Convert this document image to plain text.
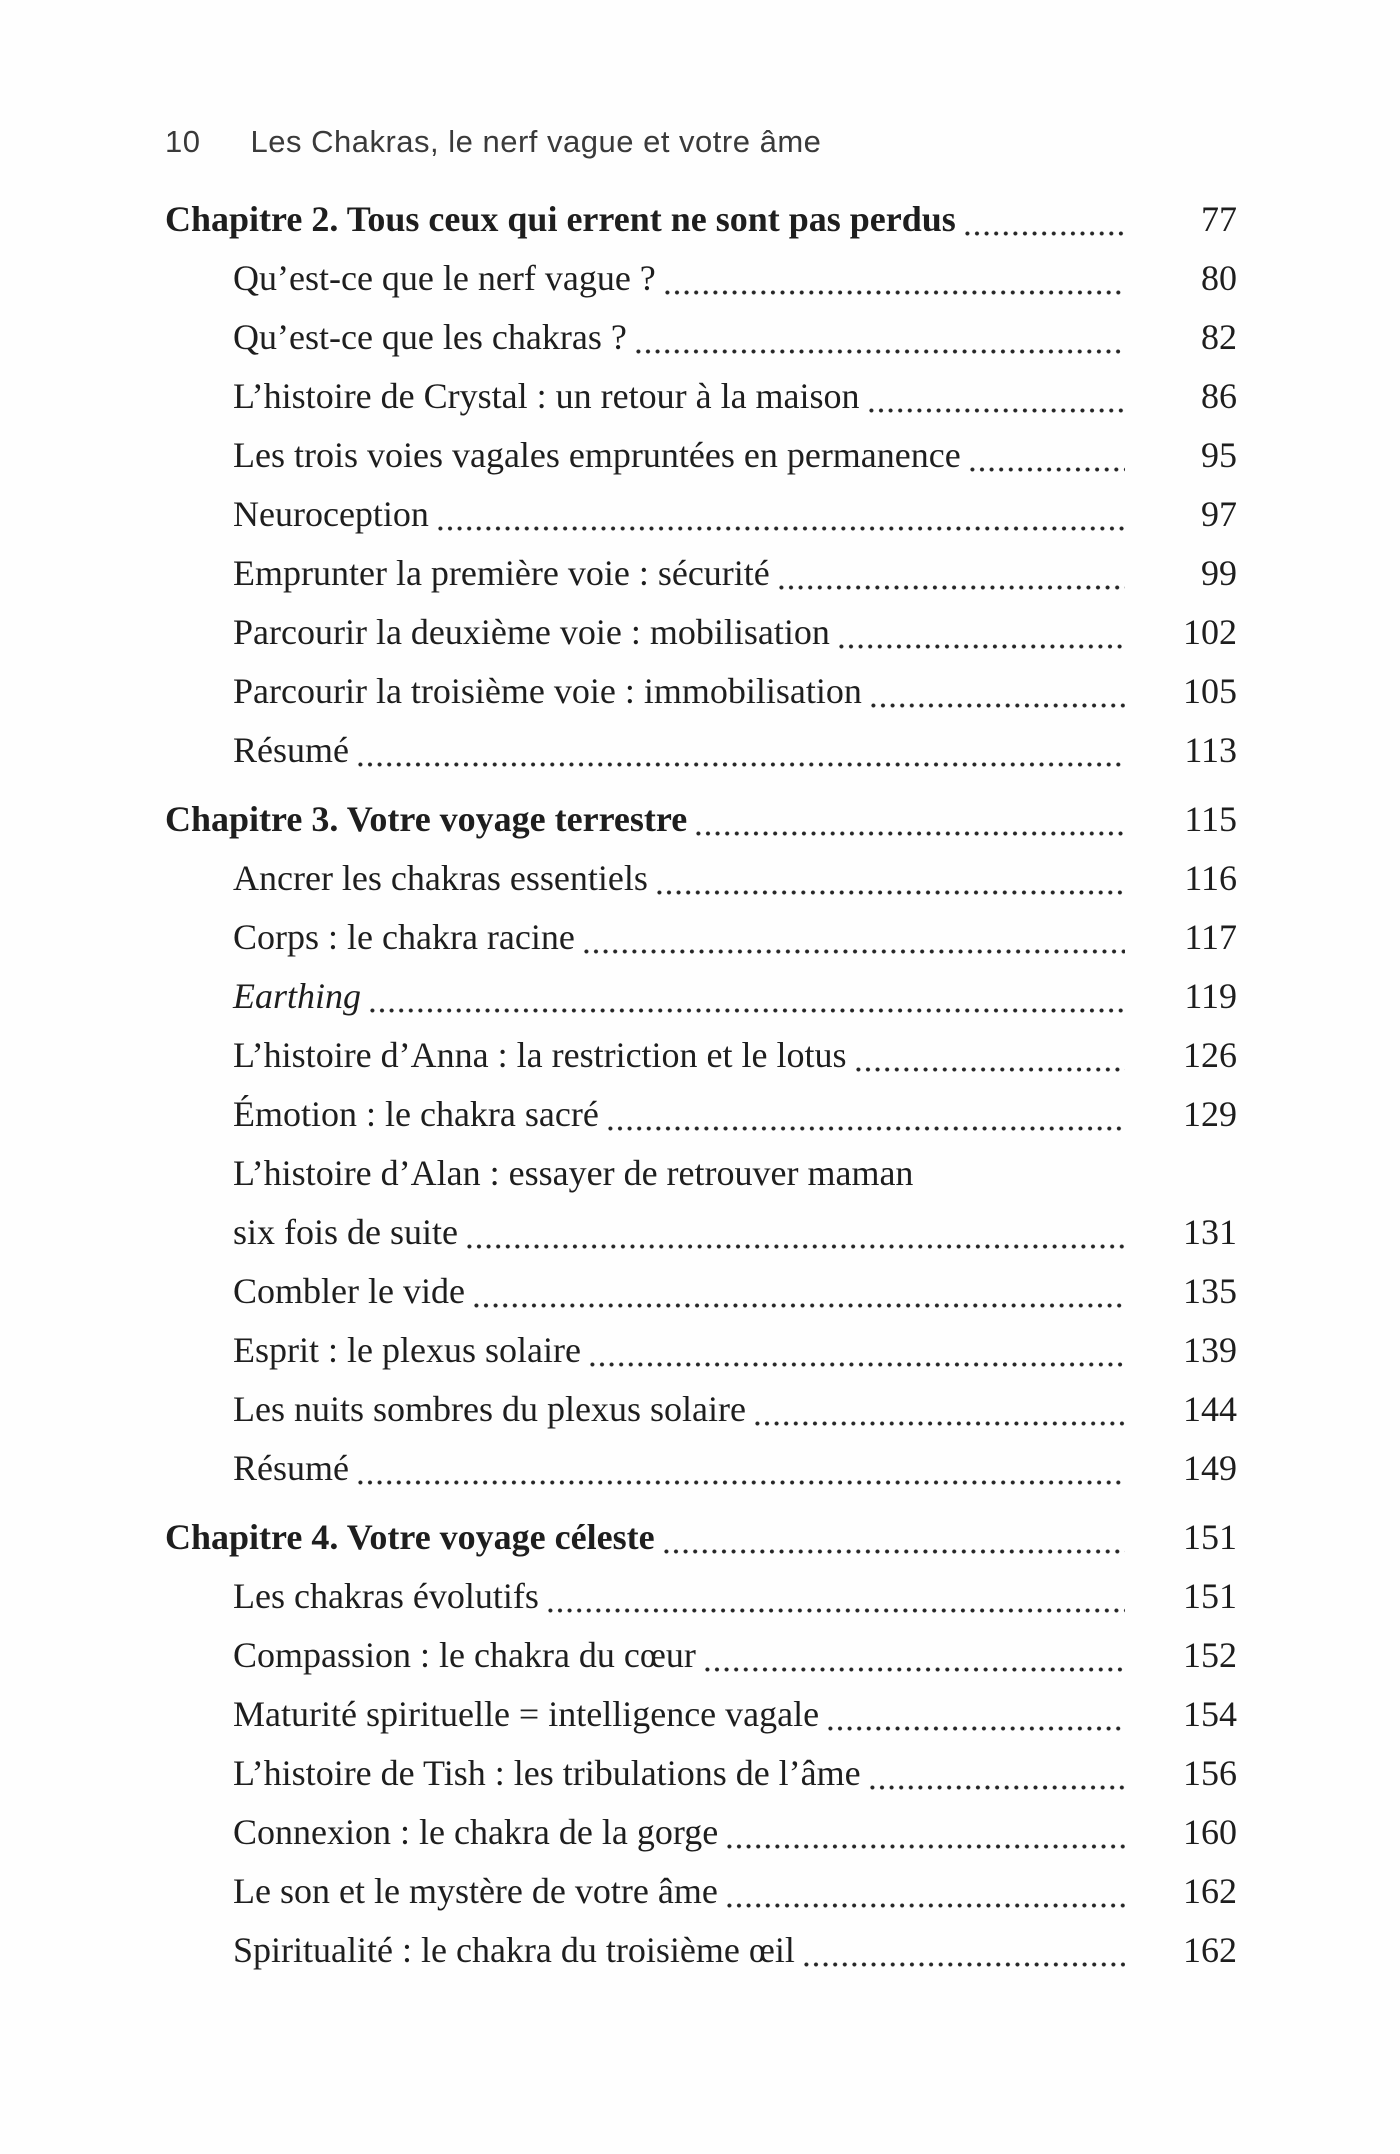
10 Les Chakras, le nerf vague et votre âme
Chapitre 2. Tous ceux qui errent ne sont pas perdus	77
Qu’est-ce que le nerf vague ?	80
Qu’est-ce que les chakras ?	82
L’histoire de Crystal : un retour à la maison	86
Les trois voies vagales empruntées en permanence	95
Neuroception	97
Emprunter la première voie : sécurité	99
Parcourir la deuxième voie : mobilisation	102
Parcourir la troisième voie : immobilisation	105
Résumé	113
Chapitre 3. Votre voyage terrestre	115
Ancrer les chakras essentiels	116
Corps : le chakra racine	117
Earthing	119
L’histoire d’Anna : la restriction et le lotus	126
Émotion : le chakra sacré	129
L’histoire d’Alan : essayer de retrouver maman
six fois de suite	131
Combler le vide	135
Esprit : le plexus solaire	139
Les nuits sombres du plexus solaire	144
Résumé	149
Chapitre 4. Votre voyage céleste	151
Les chakras évolutifs	151
Compassion : le chakra du cœur	152
Maturité spirituelle = intelligence vagale	154
L’histoire de Tish : les tribulations de l’âme	156
Connexion : le chakra de la gorge	160
Le son et le mystère de votre âme	162
Spiritualité : le chakra du troisième œil	162
